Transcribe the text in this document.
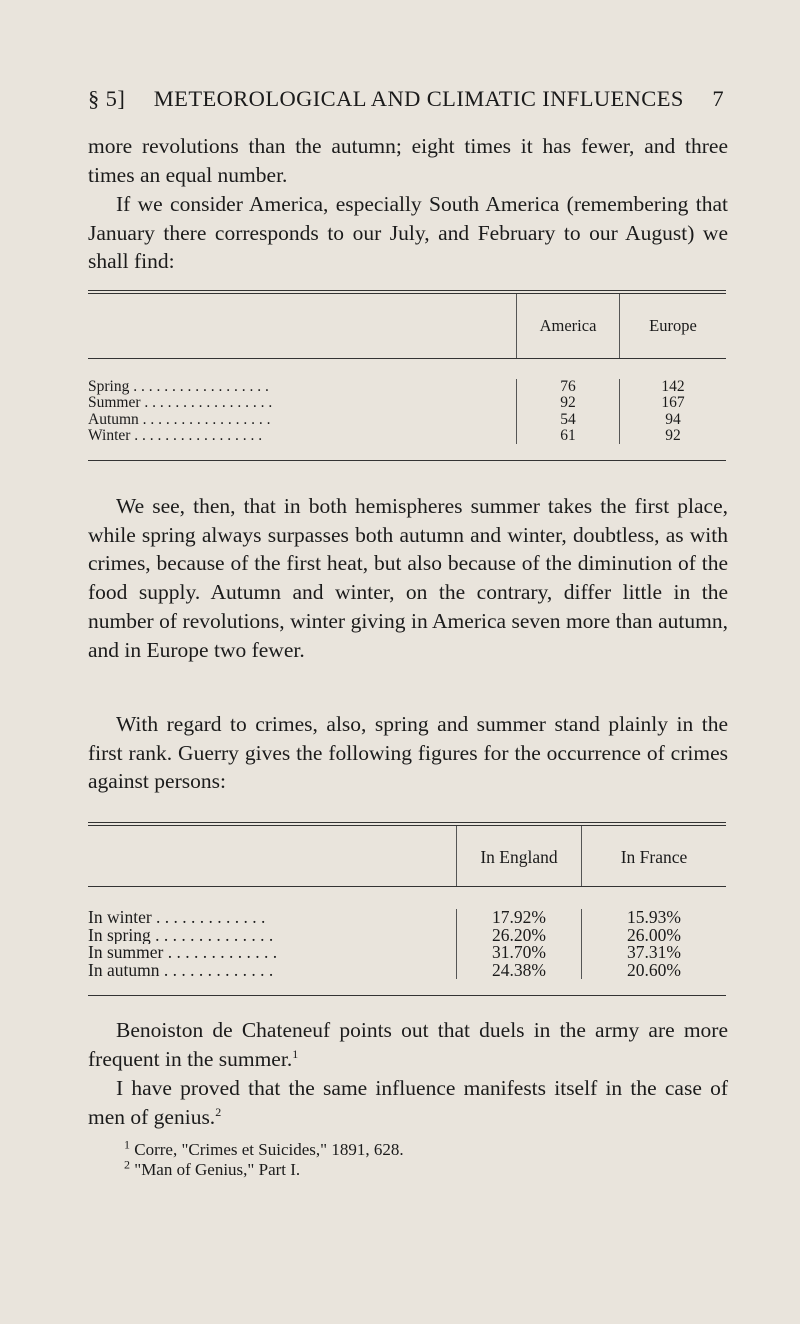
§ 5] METEOROLOGICAL AND CLIMATIC INFLUENCES 7

more revolutions than the autumn; eight times it has fewer, and three times an equal number.

If we consider America, especially South America (remembering that January there corresponds to our July, and February to our August) we shall find:

America	Europe
Spring . . . . . . . . . . . . . . . . . .
Summer . . . . . . . . . . . . . . . . .
Autumn . . . . . . . . . . . . . . . . .
Winter . . . . . . . . . . . . . . . . .
76
92
54
61
142
167
94
92

We see, then, that in both hemispheres summer takes the first place, while spring always surpasses both autumn and winter, doubtless, as with crimes, because of the first heat, but also because of the diminution of the food supply. Autumn and winter, on the contrary, differ little in the number of revolutions, winter giving in America seven more than autumn, and in Europe two fewer.

With regard to crimes, also, spring and summer stand plainly in the first rank. Guerry gives the following figures for the occurrence of crimes against persons:

In England	In France
In winter . . . . . . . . . . . . .
In spring . . . . . . . . . . . . . .
In summer . . . . . . . . . . . . .
In autumn . . . . . . . . . . . . .
17.92%
26.20%
31.70%
24.38%
15.93%
26.00%
37.31%
20.60%

Benoiston de Chateneuf points out that duels in the army are more frequent in the summer.$^1$

I have proved that the same influence manifests itself in the case of men of genius.$^2$

$^1$ Corre, "Crimes et Suicides," 1891, 628.
$^2$ "Man of Genius," Part I.
